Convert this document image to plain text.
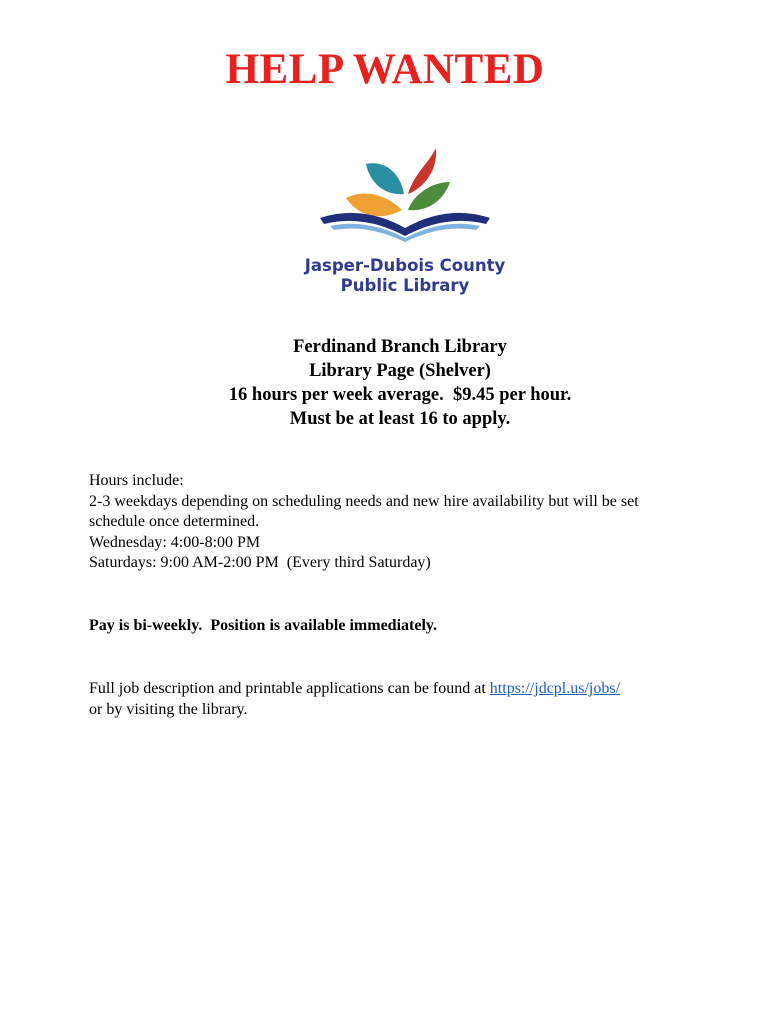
HELP WANTED
Jasper-Dubois County
Public Library
Ferdinand Branch Library
Library Page (Shelver)
16 hours per week average.  $9.45 per hour.
Must be at least 16 to apply.
Hours include:
2-3 weekdays depending on scheduling needs and new hire availability but will be set
schedule once determined.
Wednesday: 4:00-8:00 PM
Saturdays: 9:00 AM-2:00 PM  (Every third Saturday)
Pay is bi-weekly.  Position is available immediately.
Full job description and printable applications can be found at https://jdcpl.us/jobs/
or by visiting the library.
